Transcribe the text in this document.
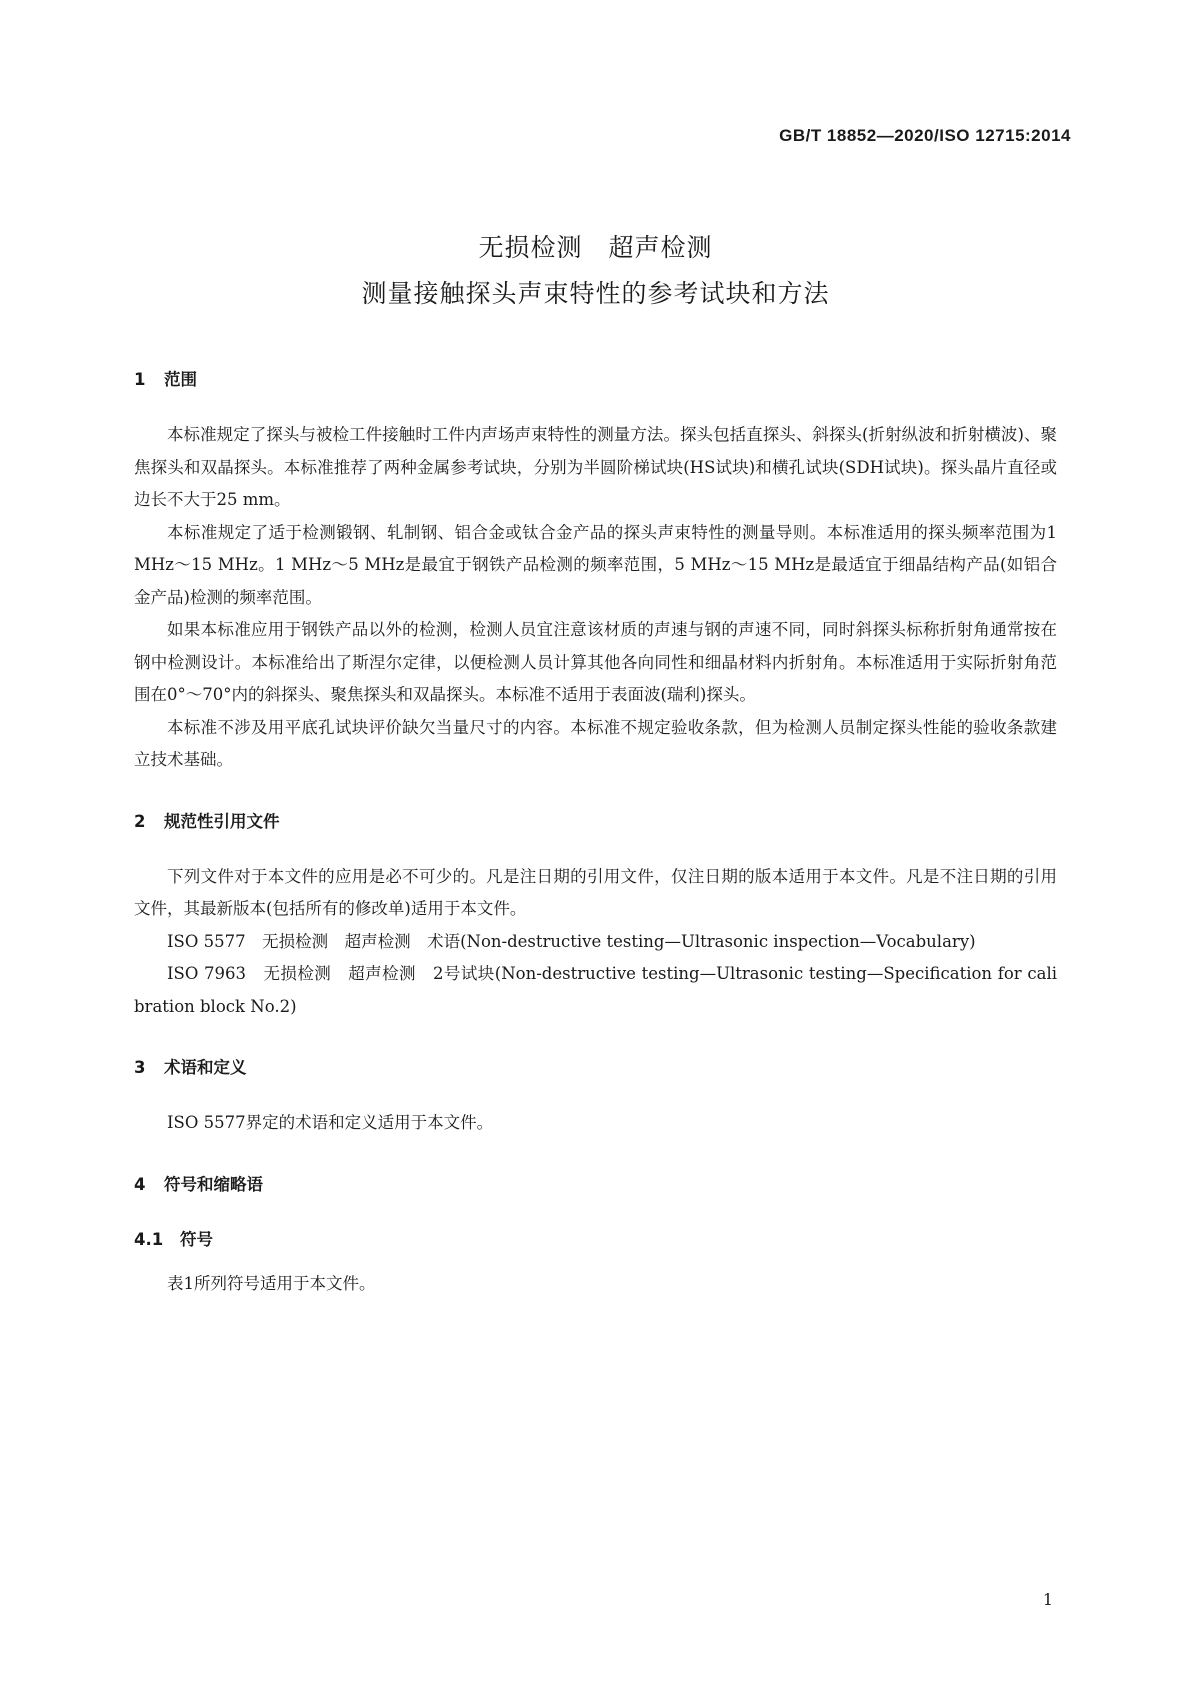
GB/T 18852—2020/ISO 12715:2014
无损检测　超声检测
测量接触探头声束特性的参考试块和方法
1 范围

本标准规定了探头与被检工件接触时工件内声场声束特性的测量方法。探头包括直探头、斜探头(折射纵波和折射横波)、聚焦探头和双晶探头。本标准推荐了两种金属参考试块，分别为半圆阶梯试块(HS试块)和横孔试块(SDH试块)。探头晶片直径或边长不大于25 mm。

本标准规定了适于检测锻钢、轧制钢、铝合金或钛合金产品的探头声束特性的测量导则。本标准适用的探头频率范围为1 MHz～15 MHz。1 MHz～5 MHz是最宜于钢铁产品检测的频率范围，5 MHz～15 MHz是最适宜于细晶结构产品(如铝合金产品)检测的频率范围。

如果本标准应用于钢铁产品以外的检测，检测人员宜注意该材质的声速与钢的声速不同，同时斜探头标称折射角通常按在钢中检测设计。本标准给出了斯涅尔定律，以便检测人员计算其他各向同性和细晶材料内折射角。本标准适用于实际折射角范围在0°～70°内的斜探头、聚焦探头和双晶探头。本标准不适用于表面波(瑞利)探头。

本标准不涉及用平底孔试块评价缺欠当量尺寸的内容。本标准不规定验收条款，但为检测人员制定探头性能的验收条款建立技术基础。

2 规范性引用文件

下列文件对于本文件的应用是必不可少的。凡是注日期的引用文件，仅注日期的版本适用于本文件。凡是不注日期的引用文件，其最新版本(包括所有的修改单)适用于本文件。

ISO 5577　无损检测　超声检测　术语(Non-destructive testing—Ultrasonic inspection—Vocabulary)

ISO 7963　无损检测　超声检测　2号试块(Non-destructive testing—Ultrasonic testing—Specification for calibration block No.2)

3 术语和定义

ISO 5577界定的术语和定义适用于本文件。

4 符号和缩略语
4.1 符号

表1所列符号适用于本文件。

1
